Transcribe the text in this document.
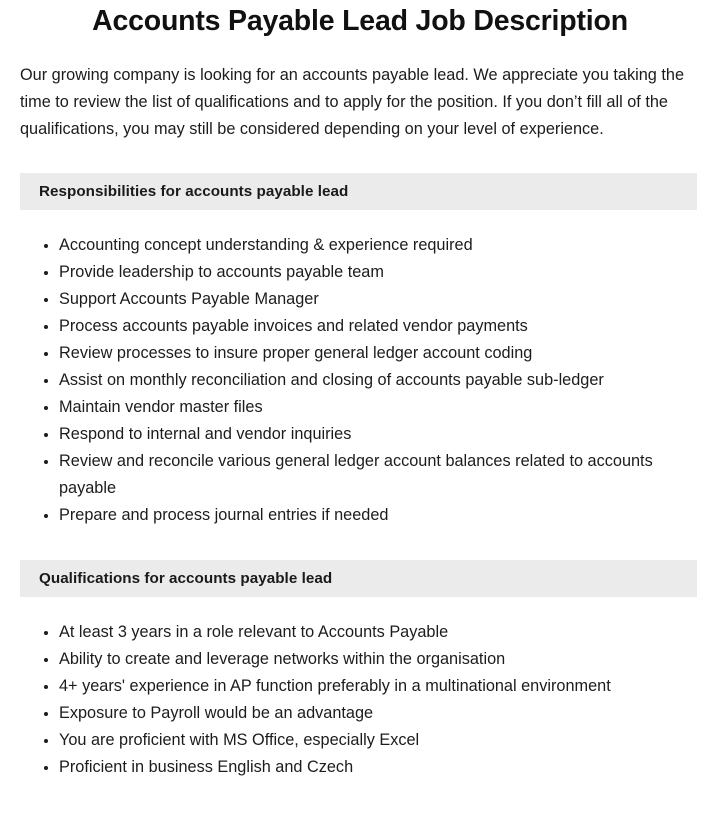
Accounts Payable Lead Job Description

Our growing company is looking for an accounts payable lead. We appreciate you taking the time to review the list of qualifications and to apply for the position. If you don’t fill all of the qualifications, you may still be considered depending on your level of experience.

Responsibilities for accounts payable lead
Accounting concept understanding & experience required
Provide leadership to accounts payable team
Support Accounts Payable Manager
Process accounts payable invoices and related vendor payments
Review processes to insure proper general ledger account coding
Assist on monthly reconciliation and closing of accounts payable sub-ledger
Maintain vendor master files
Respond to internal and vendor inquiries
Review and reconcile various general ledger account balances related to accounts payable
Prepare and process journal entries if needed
Qualifications for accounts payable lead
At least 3 years in a role relevant to Accounts Payable
Ability to create and leverage networks within the organisation
4+ years' experience in AP function preferably in a multinational environment
Exposure to Payroll would be an advantage
You are proficient with MS Office, especially Excel
Proficient in business English and Czech
